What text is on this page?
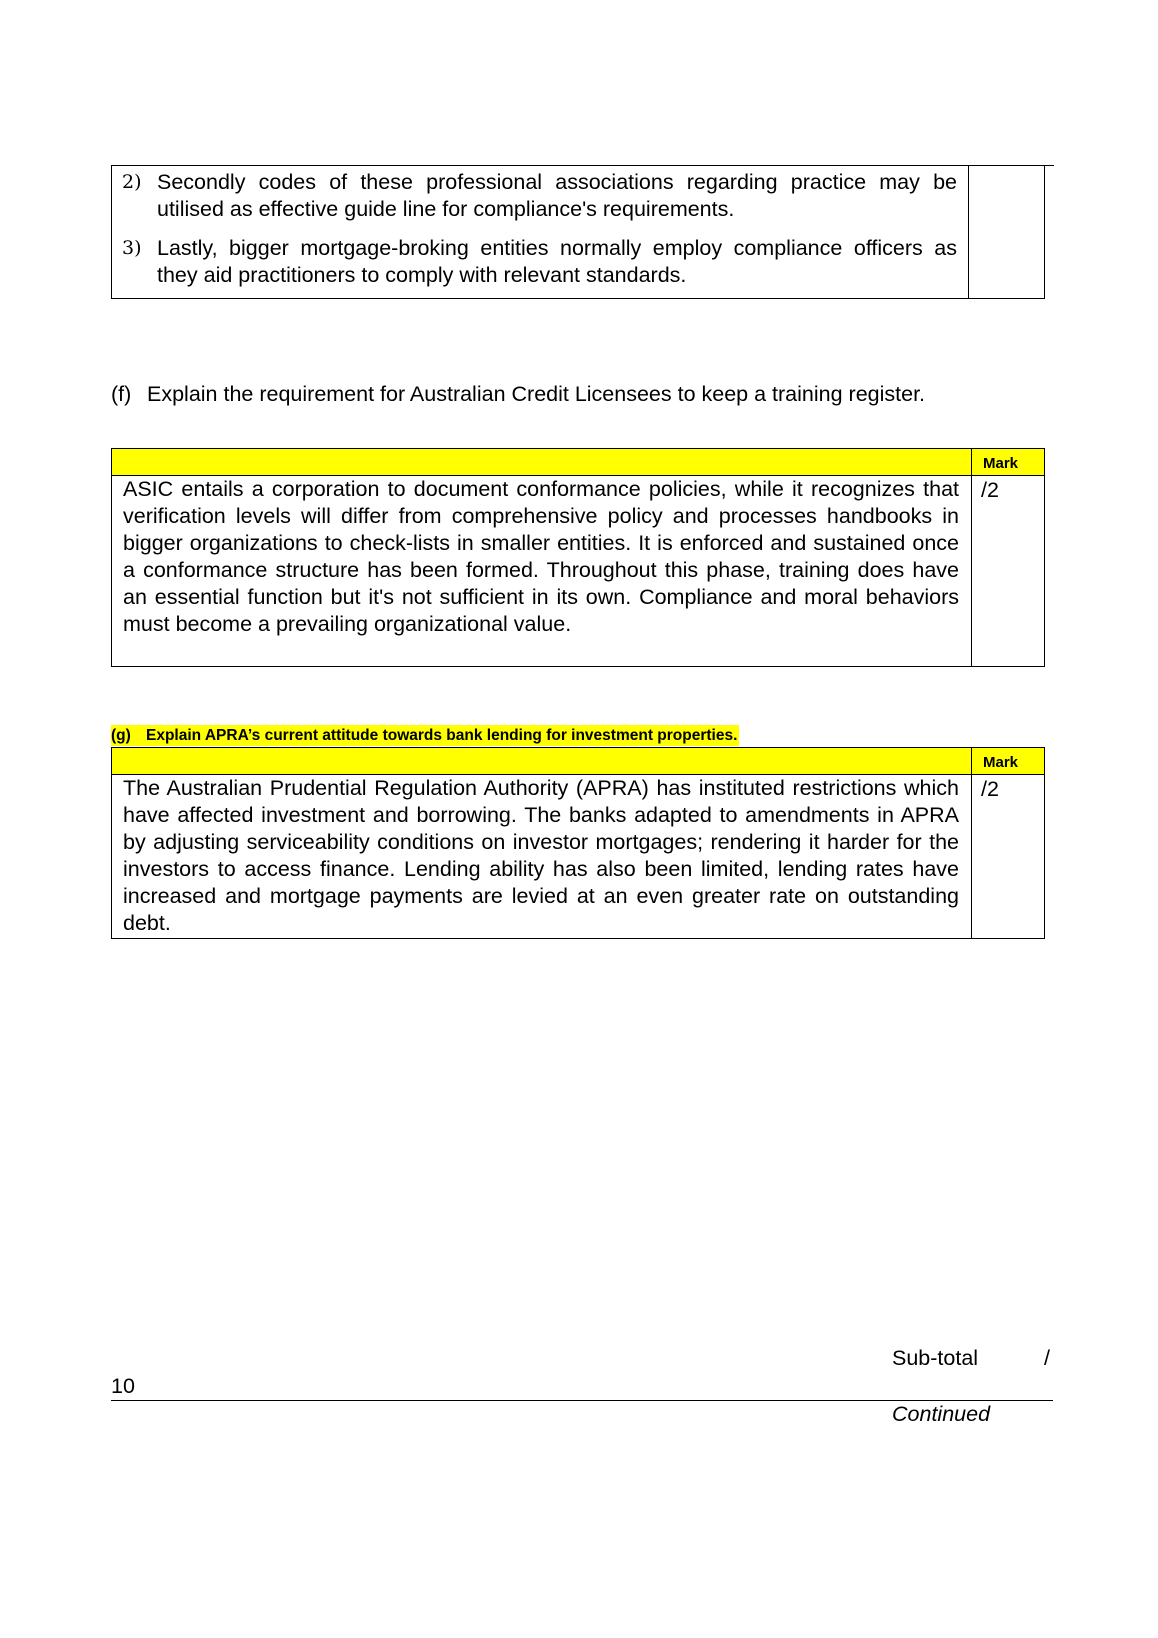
2) Secondly codes of these professional associations regarding practice may be utilised as effective guide line for compliance's requirements.
3) Lastly, bigger mortgage-broking entities normally employ compliance officers as they aid practitioners to comply with relevant standards.
(f) Explain the requirement for Australian Credit Licensees to keep a training register.
Mark
ASIC entails a corporation to document conformance policies, while it recognizes that verification levels will differ from comprehensive policy and processes handbooks in bigger organizations to check-lists in smaller entities. It is enforced and sustained once a conformance structure has been formed. Throughout this phase, training does have an essential function but it's not sufficient in its own. Compliance and moral behaviors must become a prevailing organizational value.
/2
(g) Explain APRA’s current attitude towards bank lending for investment properties.
Mark
The Australian Prudential Regulation Authority (APRA) has instituted restrictions which have affected investment and borrowing. The banks adapted to amendments in APRA by adjusting serviceability conditions on investor mortgages; rendering it harder for the investors to access finance. Lending ability has also been limited, lending rates have increased and mortgage payments are levied at an even greater rate on outstanding debt.
/2
Sub-total	/
10
Continued
